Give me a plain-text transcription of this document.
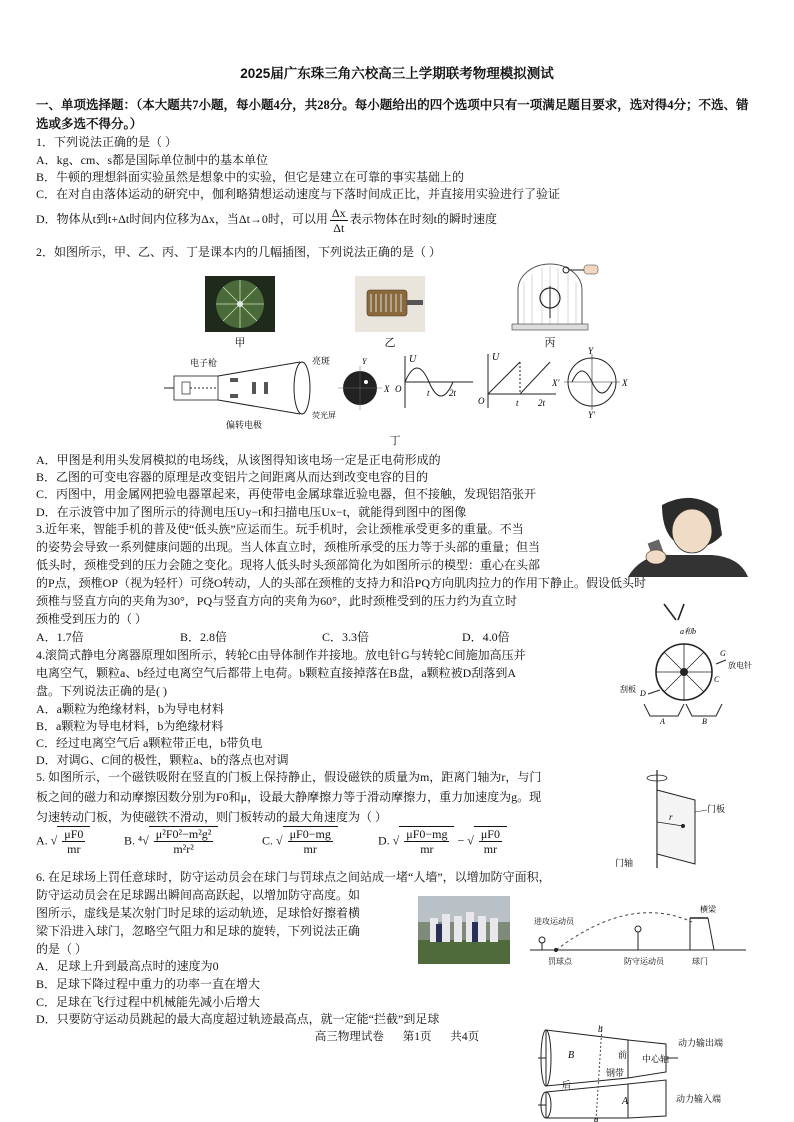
2025届广东珠三角六校高三上学期联考物理模拟测试
一、单项选择题：（本大题共7小题，每小题4分，共28分。每小题给出的四个选项中只有一项满足题目要求，选对得4分；不选、错选或多选不得分。）
1．下列说法正确的是（ ）
A．kg、cm、s都是国际单位制中的基本单位
B．牛顿的理想斜面实验虽然是想象中的实验，但它是建立在可靠的事实基础上的
C．在对自由落体运动的研究中，伽利略猜想运动速度与下落时间成正比，并直接用实验进行了验证
D．物体从t到t+Δt时间内位移为Δx，当Δt→0时，可以用 $\frac{\Delta x}{\Delta t}$ 表示物体在时刻t的瞬时速度
2．如图所示，甲、乙、丙、丁是课本内的几幅插图，下列说法正确的是（ ）
甲	乙	丙
电子枪
偏转电极
亮斑
荧光屏
X
Y	U
O	t 2t
U
O	t 2t
Y
Y'
X'	X
丁
A．甲图是利用头发屑模拟的电场线，从该图得知该电场一定是正电荷形成的
B．乙图的可变电容器的原理是改变铝片之间距离从而达到改变电容的目的
C．丙图中，用金属网把验电器罩起来，再使带电金属球靠近验电器，但不接触，发现铝箔张开
D．在示波管中加了图所示的待测电压Uy−t和扫描电压Ux−t，就能得到图中的图像
3.近年来，智能手机的普及使“低头族”应运而生。玩手机时，会让颈椎承受更多的重量。不当
的姿势会导致一系列健康问题的出现。当人体直立时，颈椎所承受的压力等于头部的重量；但当
低头时，颈椎受到的压力会随之变化。现将人低头时头颈部简化为如图所示的模型：重心在头部
的P点，颈椎OP（视为轻杆）可绕O转动，人的头部在颈椎的支持力和沿PQ方向肌肉拉力的作用下静止。假设低头时
颈椎与竖直方向的夹角为30°，PQ与竖直方向的夹角为60°，此时颈椎受到的压力约为直立时
颈椎受到压力的（ ）
A．1.7倍	B．2.8倍	C．3.3倍	D．4.0倍	a和b
G
放电针
C
D
刮板
A	B
4.滚筒式静电分离器原理如图所示，转轮C由导体制作并接地。放电针G与转轮C间施加高压并
电离空气，颗粒a、b经过电离空气后都带上电荷。b颗粒直接掉落在B盘，a颗粒被D刮落到A
盘。下列说法正确的是( )
A．a颗粒为绝缘材料，b为导电材料
B．a颗粒为导电材料，b为绝缘材料
C．经过电离空气后 a颗粒带正电，b带负电
D．对调G、C间的极性，颗粒a、b的落点也对调
r
门板
门轴
5. 如图所示，一个磁铁吸附在竖直的门板上保持静止，假设磁铁的质量为m，距离门轴为r，与门
板之间的磁力和动摩擦因数分别为F0和μ，设最大静摩擦力等于滑动摩擦力，重力加速度为g。现
匀速转动门板，为使磁铁不滑动，则门板转动的最大角速度为（ ）
A. √ $\frac{\mu F0}{mr}$	B. $^4√ \frac{\text{μ²F0²−m²g²}}{\text{m²r²}}$	C. √ $\frac{\mu F0-mg}{mr}$	D. √ $\frac{\mu F0-mg}{mr}$ − √ $\frac{\mu F0}{mr}$
6. 在足球场上罚任意球时，防守运动员会在球门与罚球点之间站成一堵“人墙”，以增加防守面积，
防守运动员会在足球踢出瞬间高高跃起，以增加防守高度。如
图所示，虚线是某次射门时足球的运动轨迹，足球恰好擦着横
梁下沿进入球门，忽略空气阻力和足球的旋转，下列说法正确
的是（ ）
A．足球上升到最高点时的速度为0
B．足球下降过程中重力的功率一直在增大
C．足球在飞行过程中机械能先减小后增大
D．只要防守运动员跳起的最大高度超过轨迹最高点，就一定能“拦截”到足球
进攻运动员
横梁
罚球点	防守运动员	球门
b
a
B
A
前
后
钢带
中心轴
动力输出端
动力输入端
高三物理试卷 第1页 共4页
